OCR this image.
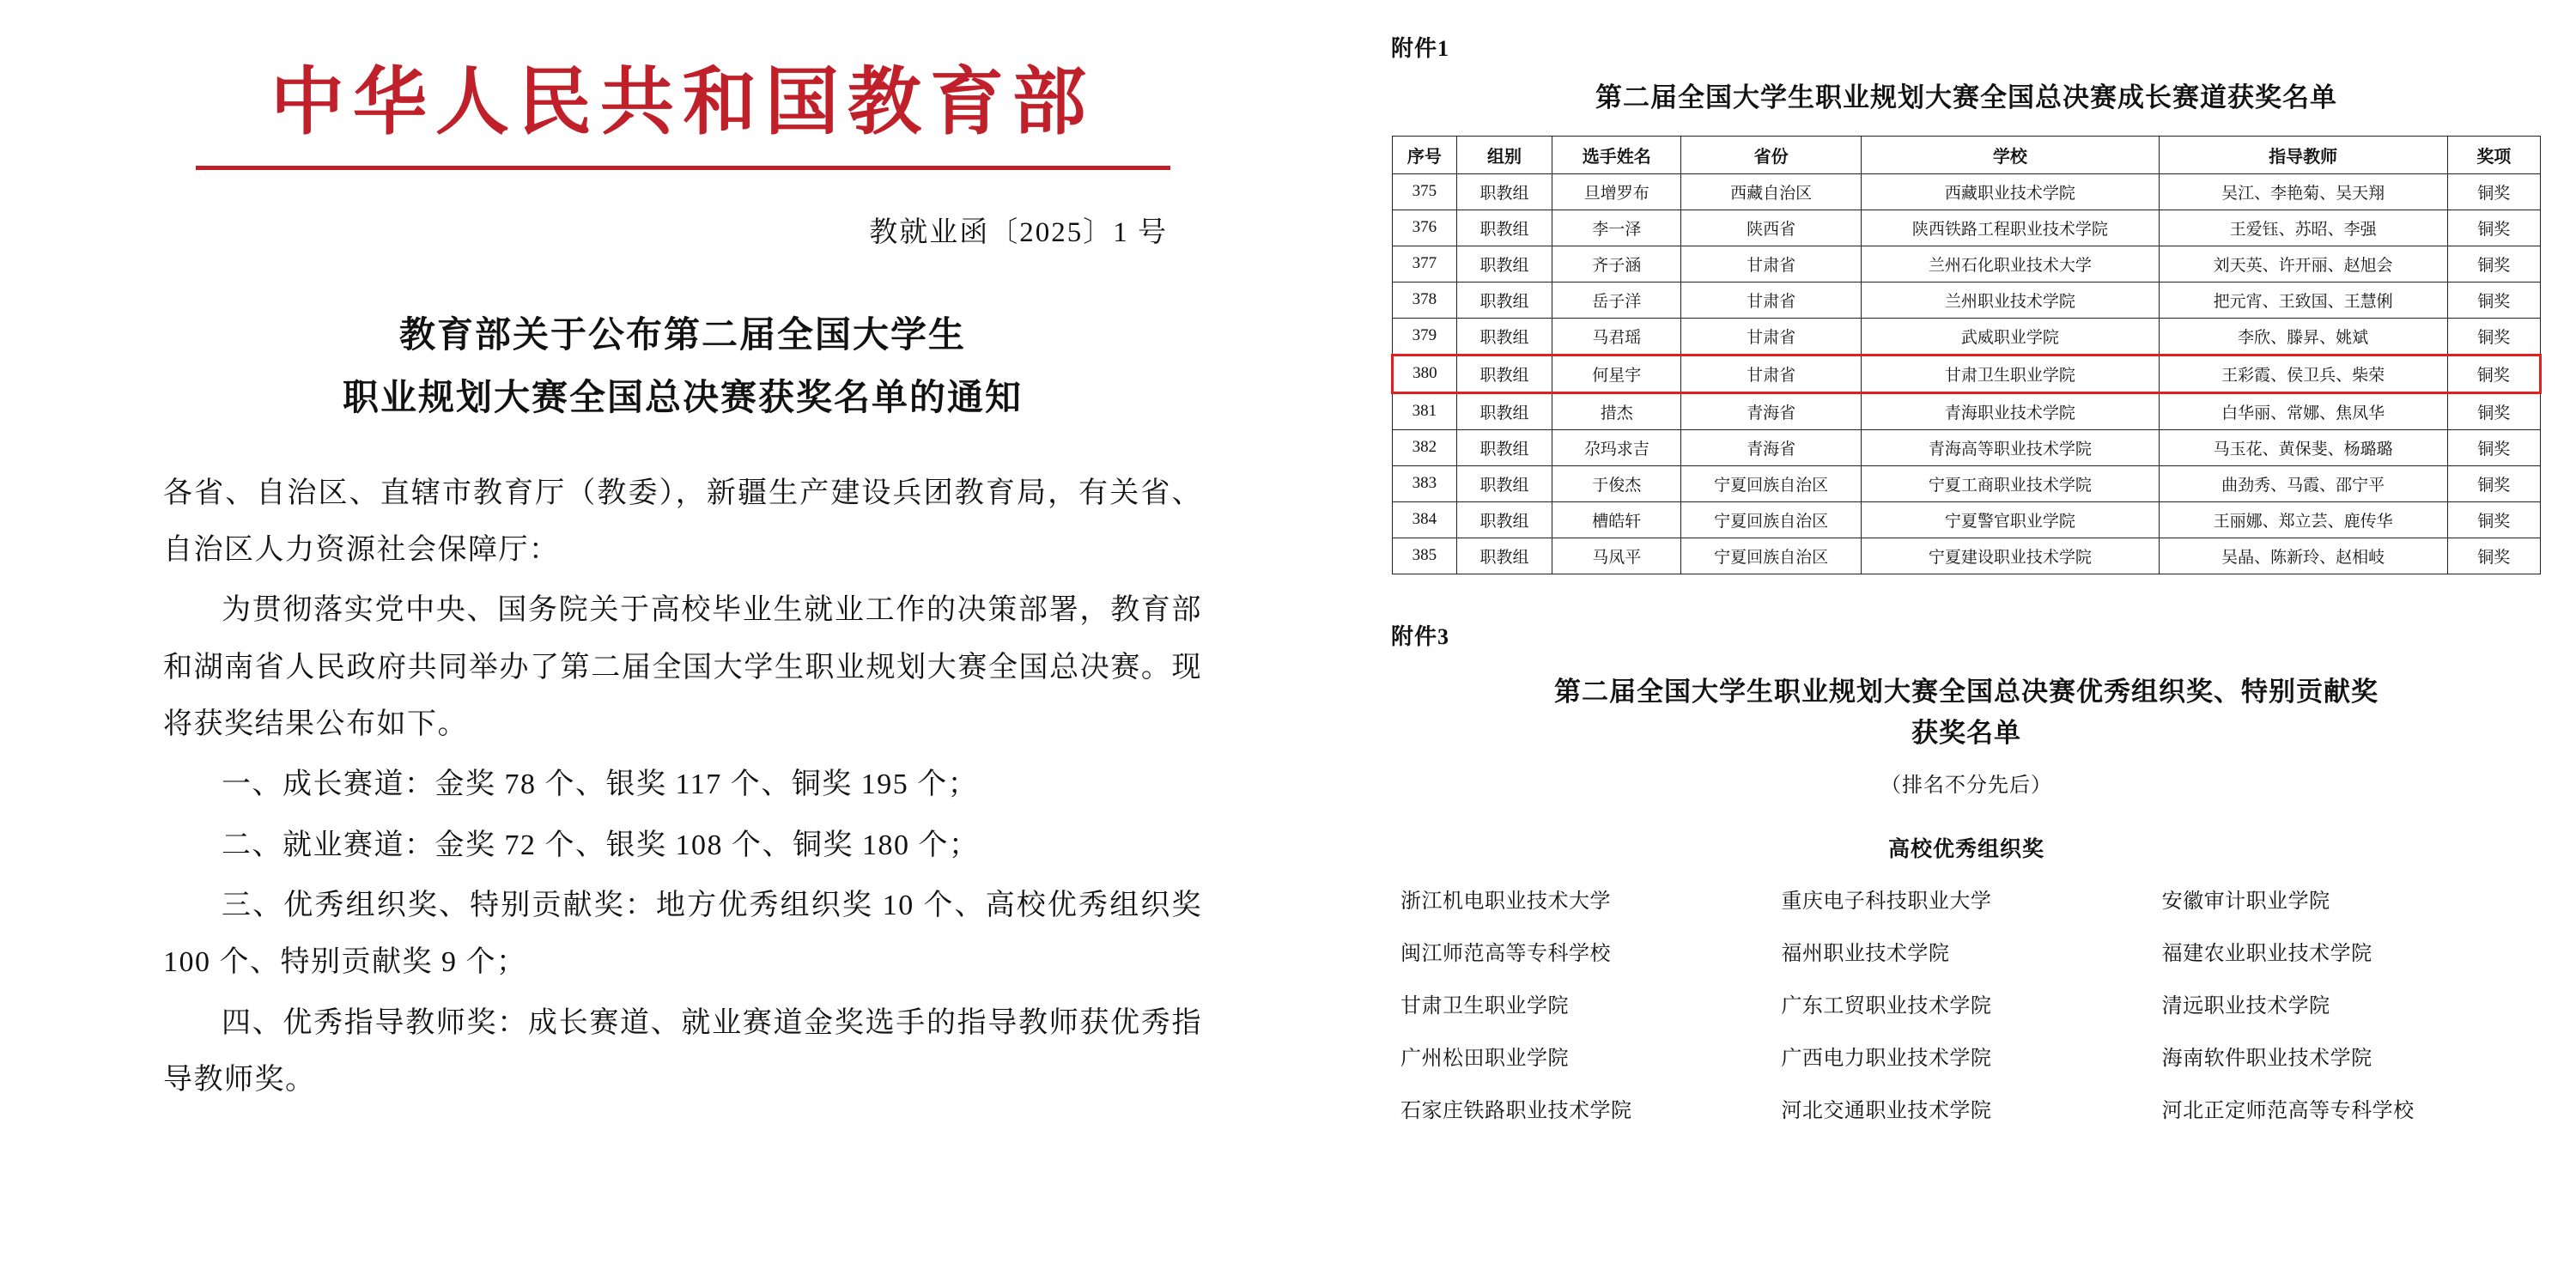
中华人民共和国教育部
教就业函〔2025〕1 号
教育部关于公布第二届全国大学生
职业规划大赛全国总决赛获奖名单的通知

各省、自治区、直辖市教育厅（教委），新疆生产建设兵团教育局，有关省、自治区人力资源社会保障厅：

为贯彻落实党中央、国务院关于高校毕业生就业工作的决策部署，教育部和湖南省人民政府共同举办了第二届全国大学生职业规划大赛全国总决赛。现将获奖结果公布如下。

一、成长赛道：金奖 78 个、银奖 117 个、铜奖 195 个；

二、就业赛道：金奖 72 个、银奖 108 个、铜奖 180 个；

三、优秀组织奖、特别贡献奖：地方优秀组织奖 10 个、高校优秀组织奖 100 个、特别贡献奖 9 个；

四、优秀指导教师奖：成长赛道、就业赛道金奖选手的指导教师获优秀指导教师奖。

附件1
第二届全国大学生职业规划大赛全国总决赛成长赛道获奖名单
序号	组别	选手姓名	省份	学校	指导教师	奖项
375	职教组	旦增罗布	西藏自治区	西藏职业技术学院	吴江、李艳菊、吴天翔	铜奖
376	职教组	李一泽	陕西省	陕西铁路工程职业技术学院	王爱钰、苏昭、李强	铜奖
377	职教组	齐子涵	甘肃省	兰州石化职业技术大学	刘天英、许开丽、赵旭会	铜奖
378	职教组	岳子洋	甘肃省	兰州职业技术学院	把元宵、王致国、王慧俐	铜奖
379	职教组	马君瑶	甘肃省	武威职业学院	李欣、滕昇、姚斌	铜奖
380	职教组	何星宇	甘肃省	甘肃卫生职业学院	王彩霞、侯卫兵、柴荣	铜奖
381	职教组	措杰	青海省	青海职业技术学院	白华丽、常娜、焦凤华	铜奖
382	职教组	尕玛求吉	青海省	青海高等职业技术学院	马玉花、黄保斐、杨璐璐	铜奖
383	职教组	于俊杰	宁夏回族自治区	宁夏工商职业技术学院	曲劲秀、马霞、邵宁平	铜奖
384	职教组	槽皓轩	宁夏回族自治区	宁夏警官职业学院	王丽娜、郑立芸、鹿传华	铜奖
385	职教组	马凤平	宁夏回族自治区	宁夏建设职业技术学院	吴晶、陈新玲、赵相岐	铜奖
附件3
第二届全国大学生职业规划大赛全国总决赛优秀组织奖、特别贡献奖
获奖名单
（排名不分先后）
高校优秀组织奖
浙江机电职业技术大学	重庆电子科技职业大学	安徽审计职业学院
闽江师范高等专科学校	福州职业技术学院	福建农业职业技术学院
甘肃卫生职业学院	广东工贸职业技术学院	清远职业技术学院
广州松田职业学院	广西电力职业技术学院	海南软件职业技术学院
石家庄铁路职业技术学院	河北交通职业技术学院	河北正定师范高等专科学校
